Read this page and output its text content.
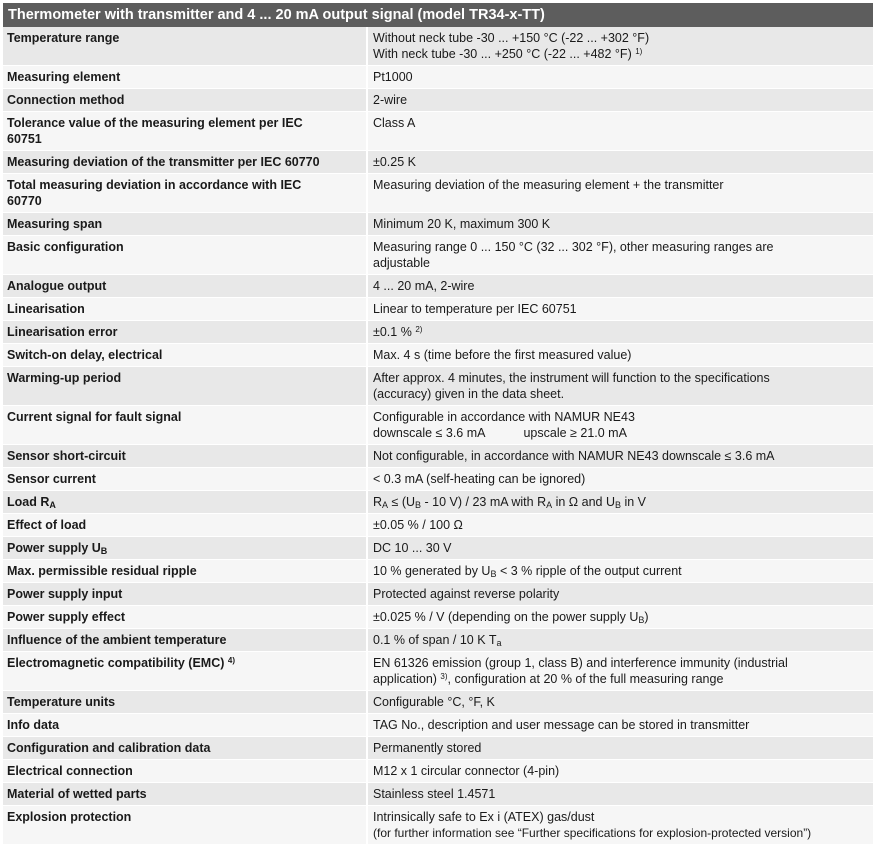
Thermometer with transmitter and 4 ... 20 mA output signal (model TR34-x-TT)
Temperature range	Without neck tube -30 ... +150 °C (-22 ... +302 °F)
With neck tube -30 ... +250 °C (-22 ... +482 °F) $^{1)}$

Measuring element	Pt1000
Connection method	2-wire

Tolerance value of the measuring element per IEC 60751	Class A
Measuring deviation of the transmitter per IEC 60770	±0.25 K

Total measuring deviation in accordance with IEC 60770	Measuring deviation of the measuring element + the transmitter
Measuring span	Minimum 20 K, maximum 300 K
Basic configuration	Measuring range 0 ... 150 °C (32 ... 302 °F), other measuring ranges are adjustable

Analogue output	4 ... 20 mA, 2-wire
Linearisation	Linear to temperature per IEC 60751
Linearisation error	±0.1 % $^{2)}$
Switch-on delay, electrical	Max. 4 s (time before the first measured value)
Warming-up period	After approx. 4 minutes, the instrument will function to the specifications (accuracy) given in the data sheet.

Current signal for fault signal	Configurable in accordance with NAMUR NE43
downscale ≤ 3.6 mA upscale ≥ 21.0 mA

Sensor short-circuit	Not configurable, in accordance with NAMUR NE43 downscale ≤ 3.6 mA
Sensor current	< 0.3 mA (self-heating can be ignored)
Load $R_A$	$R_A \le (U_B - 10$ V) / 23 mA with $R_A$ in Ω and $U_B$ in V
Effect of load	±0.05 % / 100 Ω
Power supply $U_B$	DC 10 ... 30 V
Max. permissible residual ripple	10 % generated by $U_B < 3$ % ripple of the output current
Power supply input	Protected against reverse polarity
Power supply effect	±0.025 % / V (depending on the power supply $U_B$)
Influence of the ambient temperature	0.1 % of span / 10 K $T_a$
Electromagnetic compatibility (EMC) $^{4)}$	EN 61326 emission (group 1, class B) and interference immunity (industrial application) $^{3)}$, configuration at 20 % of the full measuring range

Temperature units	Configurable °C, °F, K
Info data	TAG No., description and user message can be stored in transmitter
Configuration and calibration data	Permanently stored
Electrical connection	M12 x 1 circular connector (4-pin)
Material of wetted parts	Stainless steel 1.4571
Explosion protection	Intrinsically safe to Ex i (ATEX) gas/dust
(for further information see “Further specifications for explosion-protected version”)
